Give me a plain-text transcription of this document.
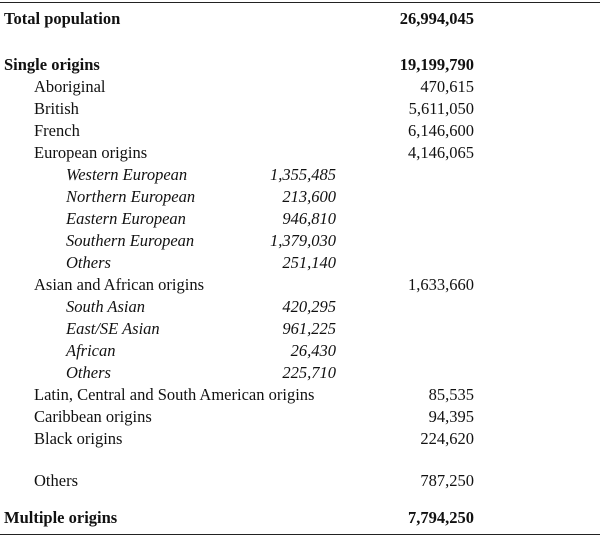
Total population	26,994,045
Single origins	19,199,790
Aboriginal	470,615
British	5,611,050
French	6,146,600
European origins	4,146,065
Western European	1,355,485
Northern European	213,600
Eastern European	946,810
Southern European	1,379,030
Others	251,140
Asian and African origins	1,633,660
South Asian	420,295
East/SE Asian	961,225
African	26,430
Others	225,710
Latin, Central and South American origins	85,535
Caribbean origins	94,395
Black origins	224,620
Others	787,250
Multiple origins	7,794,250
